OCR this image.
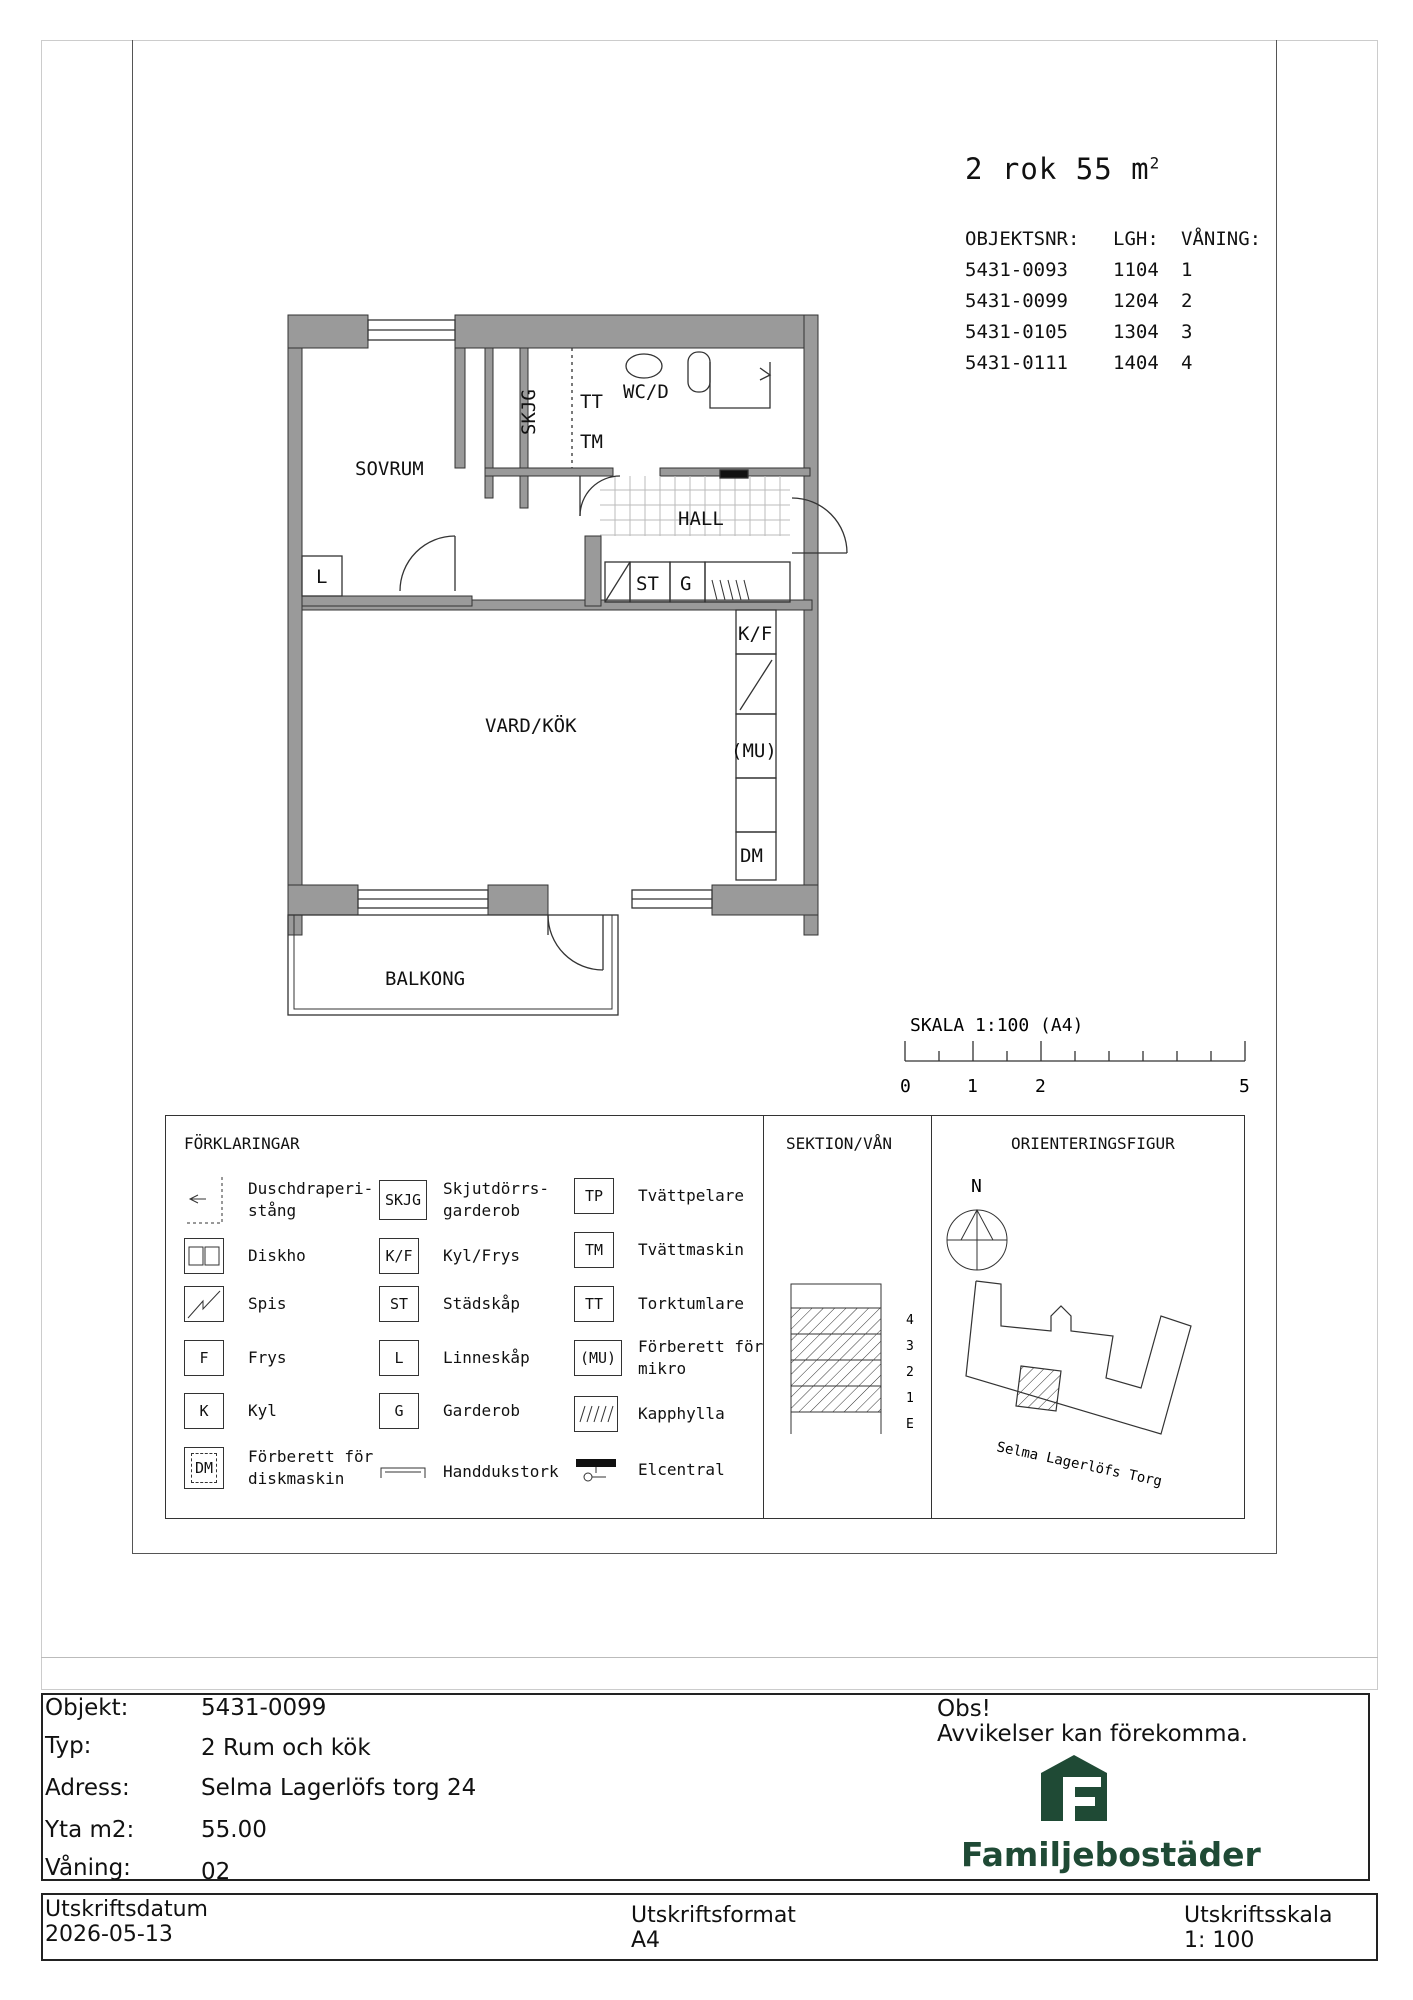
2 rok 55 $m^2$
OBJEKTSNR:	LGH:	VÅNING:
5431-0093	1104	1
5431-0099	1204	2
5431-0105	1304	3
5431-0111	1404	4
SOVRUM
WC/D
HALL
VARD/KÖK
BALKONG
SKJG TT
TM
L	ST G
K/F
(MU)
DM
SKALA 1:100 (A4)
0	1	2	5
FÖRKLARINGAR
Duschdraperi-
stång
Diskho
Spis
F	Frys
K	Kyl
DM
Förberett för
diskmaskin
SKJG
Skjutdörrs-
garderob
K/F	Kyl/Frys
ST	Städskåp
L	Linneskåp
G	Garderob
Handdukstork
TP	Tvättpelare
TM	Tvättmaskin
TT	Torktumlare
(MU)
Förberett för
mikro
Kapphylla
Elcentral
SEKTION/VÅN
4
3
2
1
E
ORIENTERINGSFIGUR
N
Selma Lagerlöfs Torg
Objekt:	5431-0099
Typ:	2 Rum och kök
Adress:	Selma Lagerlöfs torg 24
Yta m2:	55.00
Våning:	02
Obs!
Avvikelser kan förekomma.
Familjebostäder
Utskriftsdatum
2026-05-13
Utskriftsformat
A4
Utskriftsskala
1: 100
